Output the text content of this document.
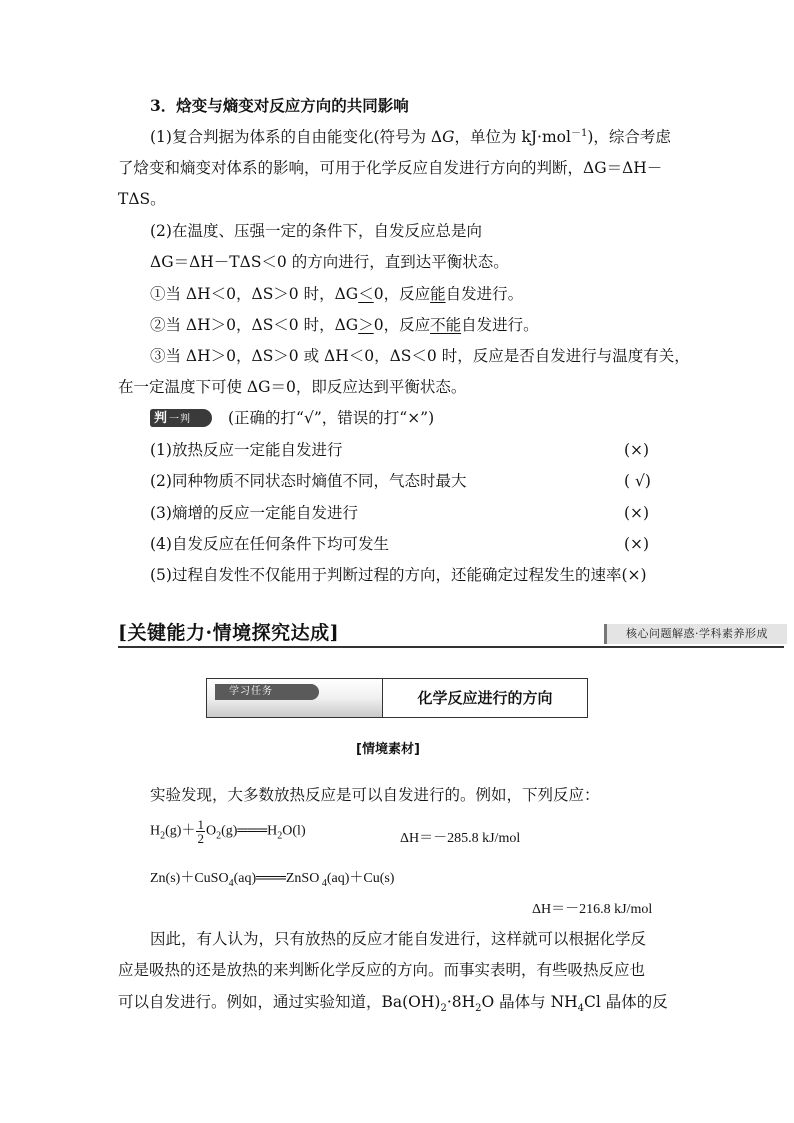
3．焓变与熵变对反应方向的共同影响
(1)复合判据为体系的自由能变化(符号为 ΔG，单位为 kJ·mol$^{-1}$)，综合考虑
了焓变和熵变对体系的影响，可用于化学反应自发进行方向的判断，ΔG＝ΔH－
TΔS。
(2)在温度、压强一定的条件下，自发反应总是向
ΔG＝ΔH－TΔS＜0 的方向进行，直到达平衡状态。
①当 ΔH＜0，ΔS＞0 时，ΔG＜0，反应能自发进行。
②当 ΔH＞0，ΔS＜0 时，ΔG＞0，反应不能自发进行。
③当 ΔH＞0，ΔS＞0 或 ΔH＜0，ΔS＜0 时，反应是否自发进行与温度有关，
在一定温度下可使 ΔG＝0，即反应达到平衡状态。
判 一判	(正确的打“√”，错误的打“×”)
(1)放热反应一定能自发进行	(×)
(2)同种物质不同状态时熵值不同，气态时最大	( √)
(3)熵增的反应一定能自发进行	(×)
(4)自发反应在任何条件下均可发生	(×)
(5)过程自发性不仅能用于判断过程的方向，还能确定过程发生的速率(×)
[关键能力·情境探究达成]	核心问题解惑·学科素养形成
学习任务	化学反应进行的方向
[情境素材]
实验发现，大多数放热反应是可以自发进行的。例如，下列反应：
$H_2(g)+ \frac{1}{2}$ $O_2(g)═══H_2O(l)$	ΔH＝－285.8 kJ/mol
Zn(s)＋CuSO$_4$(aq)═══ZnSO $_4$(aq)＋Cu(s)
ΔH＝－216.8 kJ/mol
因此，有人认为，只有放热的反应才能自发进行，这样就可以根据化学反
应是吸热的还是放热的来判断化学反应的方向。而事实表明，有些吸热反应也
可以自发进行。例如，通过实验知道，$Ba(OH)_2\cdot 8H_2O$ 晶体与 $NH_4Cl$ 晶体的反
